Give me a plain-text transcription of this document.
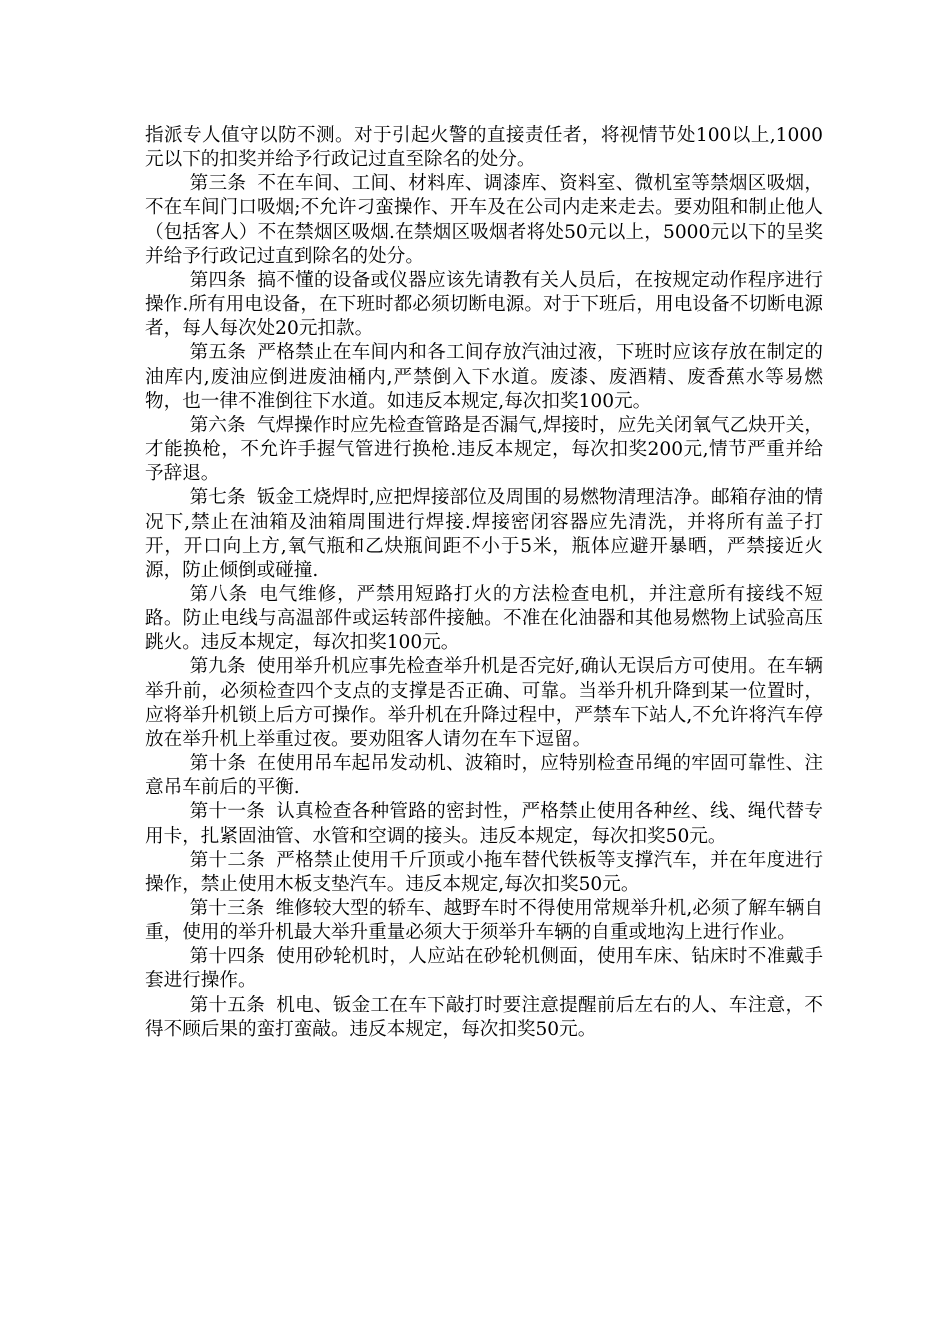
指派专人值守以防不测。对于引起火警的直接责任者，将视情节处100以上,1000元以下的扣奖并给予行政记过直至除名的处分。

第三条 不在车间、工间、材料库、调漆库、资料室、微机室等禁烟区吸烟，不在车间门口吸烟;不允许刁蛮操作、开车及在公司内走来走去。要劝阻和制止他人（包括客人）不在禁烟区吸烟.在禁烟区吸烟者将处50元以上，5000元以下的呈奖并给予行政记过直到除名的处分。

第四条 搞不懂的设备或仪器应该先请教有关人员后，在按规定动作程序进行操作.所有用电设备，在下班时都必须切断电源。对于下班后，用电设备不切断电源者，每人每次处20元扣款。

第五条 严格禁止在车间内和各工间存放汽油过液，下班时应该存放在制定的油库内,废油应倒进废油桶内,严禁倒入下水道。废漆、废酒精、废香蕉水等易燃物，也一律不准倒往下水道。如违反本规定,每次扣奖100元。

第六条 气焊操作时应先检查管路是否漏气,焊接时，应先关闭氧气乙炔开关，才能换枪，不允许手握气管进行换枪.违反本规定，每次扣奖200元,情节严重并给予辞退。

第七条 钣金工烧焊时,应把焊接部位及周围的易燃物清理洁净。邮箱存油的情况下,禁止在油箱及油箱周围进行焊接.焊接密闭容器应先清洗，并将所有盖子打开，开口向上方,氧气瓶和乙炔瓶间距不小于5米，瓶体应避开暴晒，严禁接近火源，防止倾倒或碰撞.

第八条 电气维修，严禁用短路打火的方法检查电机，并注意所有接线不短路。防止电线与高温部件或运转部件接触。不准在化油器和其他易燃物上试验高压跳火。违反本规定，每次扣奖100元。

第九条 使用举升机应事先检查举升机是否完好,确认无误后方可使用。在车辆举升前，必须检查四个支点的支撑是否正确、可靠。当举升机升降到某一位置时，应将举升机锁上后方可操作。举升机在升降过程中，严禁车下站人,不允许将汽车停放在举升机上举重过夜。要劝阻客人请勿在车下逗留。

第十条 在使用吊车起吊发动机、波箱时，应特别检查吊绳的牢固可靠性、注意吊车前后的平衡.

第十一条 认真检查各种管路的密封性，严格禁止使用各种丝、线、绳代替专用卡，扎紧固油管、水管和空调的接头。违反本规定，每次扣奖50元。

第十二条 严格禁止使用千斤顶或小拖车替代铁板等支撑汽车，并在年度进行操作，禁止使用木板支垫汽车。违反本规定,每次扣奖50元。

第十三条 维修较大型的轿车、越野车时不得使用常规举升机,必须了解车辆自重，使用的举升机最大举升重量必须大于须举升车辆的自重或地沟上进行作业。

第十四条 使用砂轮机时，人应站在砂轮机侧面，使用车床、钻床时不准戴手套进行操作。

第十五条 机电、钣金工在车下敲打时要注意提醒前后左右的人、车注意，不得不顾后果的蛮打蛮敲。违反本规定，每次扣奖50元。
